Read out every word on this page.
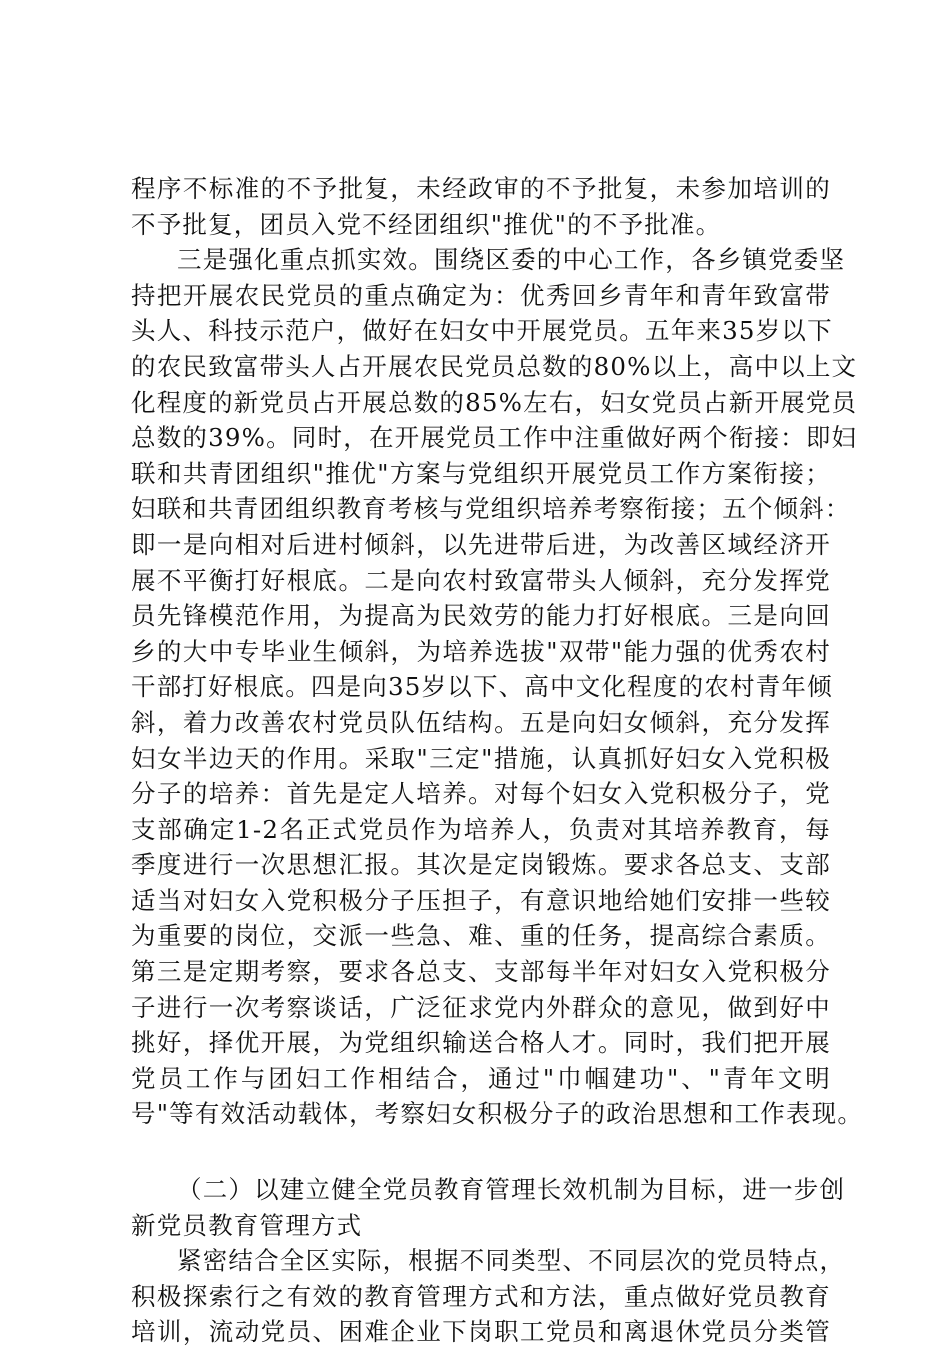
程序不标准的不予批复，未经政审的不予批复，未参加培训的
不予批复，团员入党不经团组织"推优"的不予批准。
三是强化重点抓实效。围绕区委的中心工作，各乡镇党委坚
持把开展农民党员的重点确定为：优秀回乡青年和青年致富带
头人、科技示范户，做好在妇女中开展党员。五年来35岁以下
的农民致富带头人占开展农民党员总数的80%以上，高中以上文
化程度的新党员占开展总数的85%左右，妇女党员占新开展党员
总数的39%。同时，在开展党员工作中注重做好两个衔接：即妇
联和共青团组织"推优"方案与党组织开展党员工作方案衔接；
妇联和共青团组织教育考核与党组织培养考察衔接；五个倾斜：
即一是向相对后进村倾斜，以先进带后进，为改善区域经济开
展不平衡打好根底。二是向农村致富带头人倾斜，充分发挥党
员先锋模范作用，为提高为民效劳的能力打好根底。三是向回
乡的大中专毕业生倾斜，为培养选拔"双带"能力强的优秀农村
干部打好根底。四是向35岁以下、高中文化程度的农村青年倾
斜，着力改善农村党员队伍结构。五是向妇女倾斜，充分发挥
妇女半边天的作用。采取"三定"措施，认真抓好妇女入党积极
分子的培养：首先是定人培养。对每个妇女入党积极分子，党
支部确定1-2名正式党员作为培养人，负责对其培养教育，每
季度进行一次思想汇报。其次是定岗锻炼。要求各总支、支部
适当对妇女入党积极分子压担子，有意识地给她们安排一些较
为重要的岗位，交派一些急、难、重的任务，提高综合素质。
第三是定期考察，要求各总支、支部每半年对妇女入党积极分
子进行一次考察谈话，广泛征求党内外群众的意见，做到好中
挑好，择优开展，为党组织输送合格人才。同时，我们把开展
党员工作与团妇工作相结合，通过"巾帼建功"、"青年文明
号"等有效活动载体，考察妇女积极分子的政治思想和工作表现。
（二）以建立健全党员教育管理长效机制为目标，进一步创
新党员教育管理方式
紧密结合全区实际，根据不同类型、不同层次的党员特点，
积极探索行之有效的教育管理方式和方法，重点做好党员教育
培训，流动党员、困难企业下岗职工党员和离退休党员分类管
